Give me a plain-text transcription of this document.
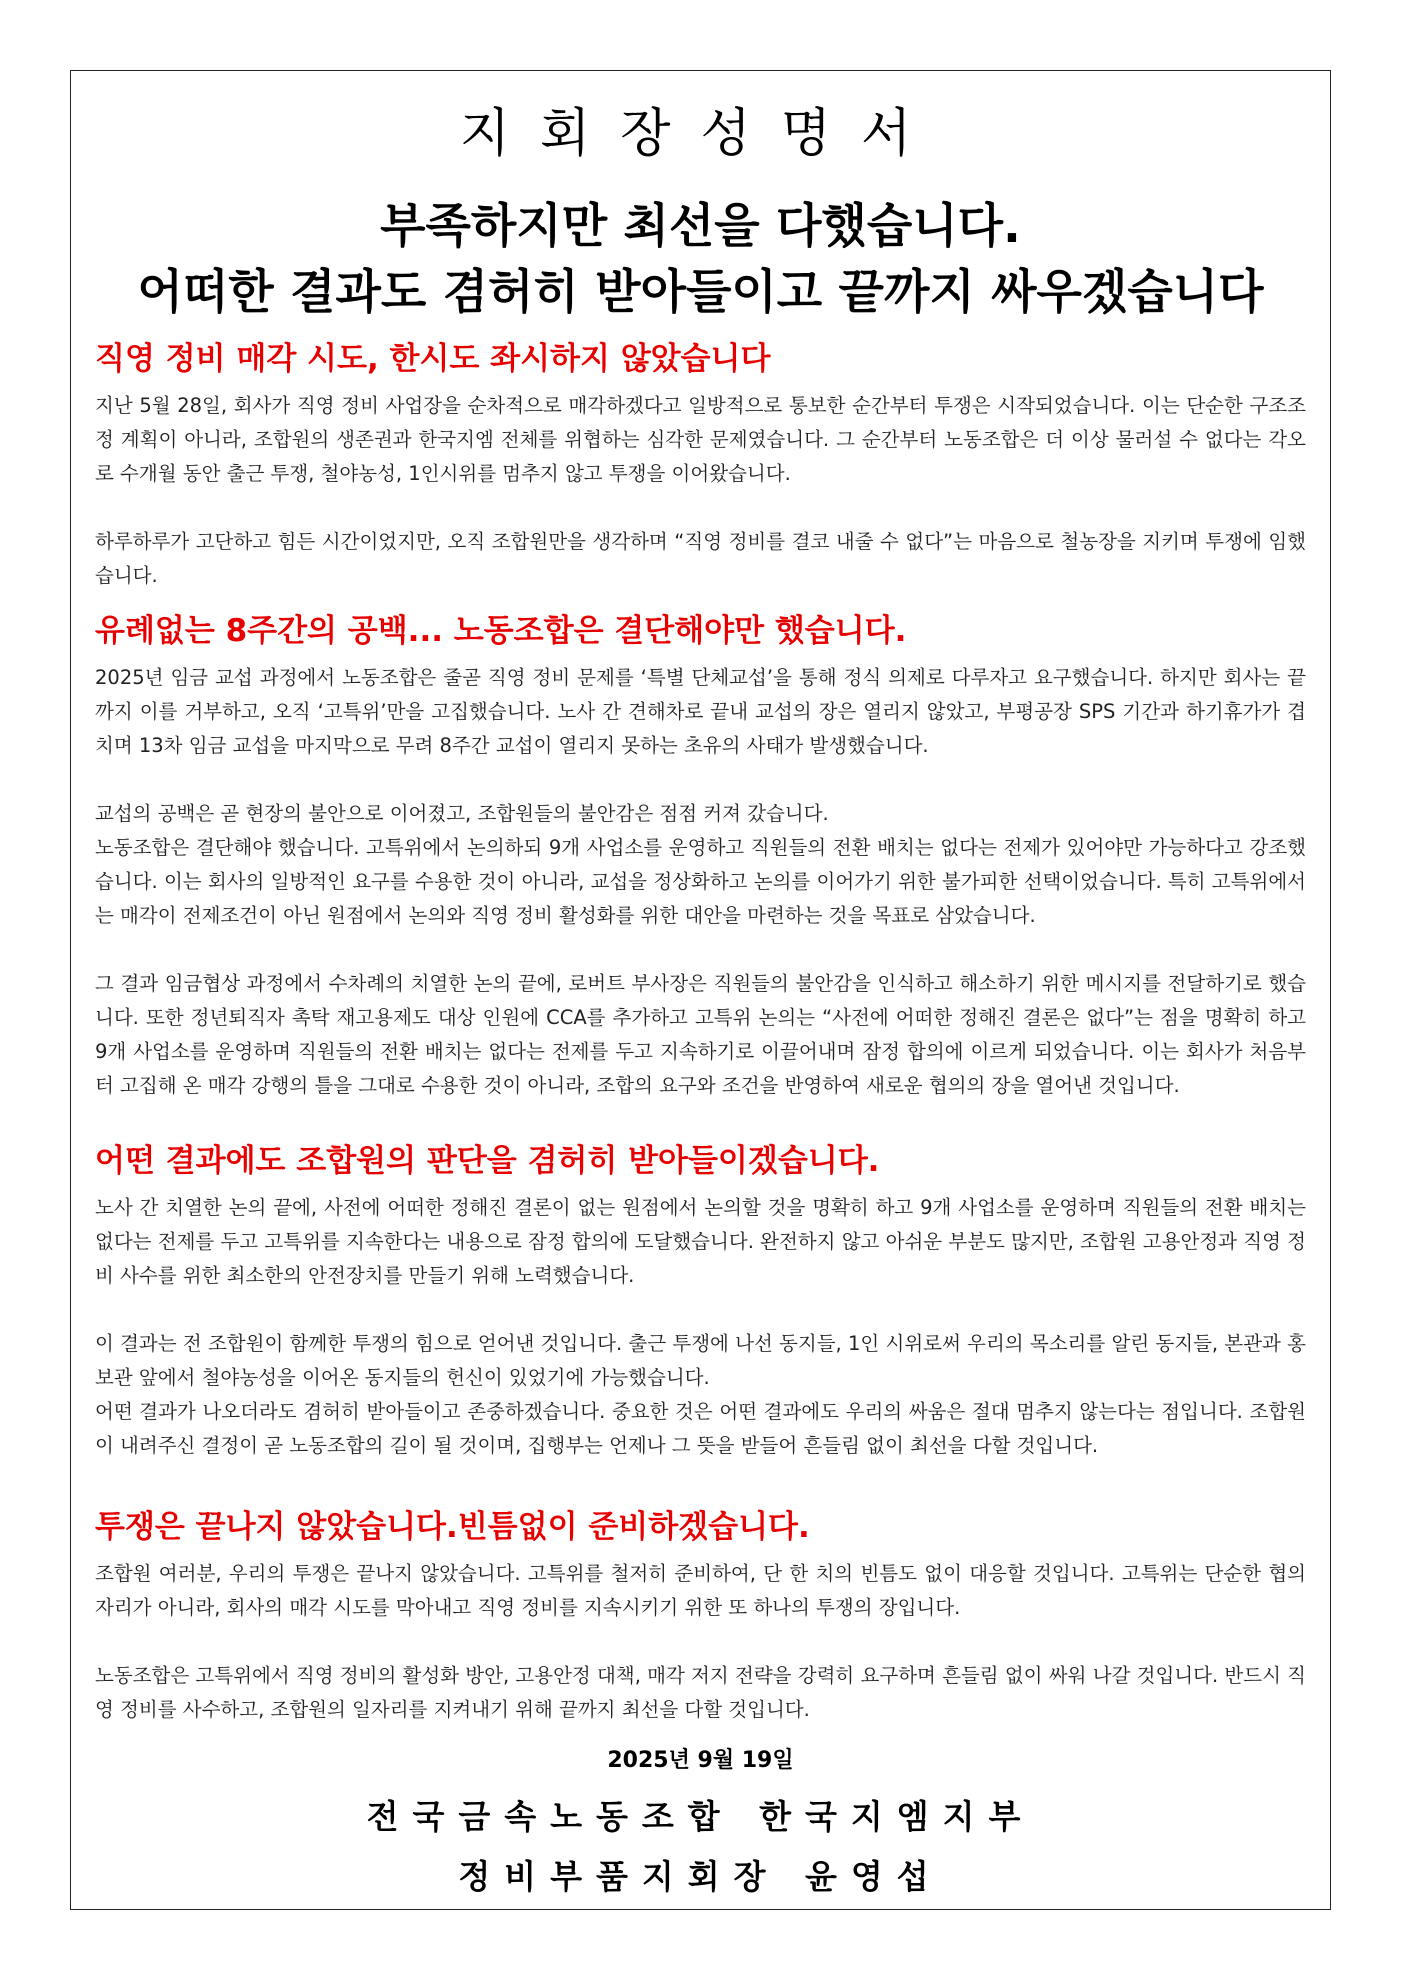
지회장성명서
부족하지만 최선을 다했습니다.
어떠한 결과도 겸허히 받아들이고 끝까지 싸우겠습니다
직영 정비 매각 시도, 한시도 좌시하지 않았습니다

지난 5월 28일, 회사가 직영 정비 사업장을 순차적으로 매각하겠다고 일방적으로 통보한 순간부터 투쟁은 시작되었습니다. 이는 단순한 구조조정 계획이 아니라, 조합원의 생존권과 한국지엠 전체를 위협하는 심각한 문제였습니다. 그 순간부터 노동조합은 더 이상 물러설 수 없다는 각오로 수개월 동안 출근 투쟁, 철야농성, 1인시위를 멈추지 않고 투쟁을 이어왔습니다.

하루하루가 고단하고 힘든 시간이었지만, 오직 조합원만을 생각하며 “직영 정비를 결코 내줄 수 없다”는 마음으로 철농장을 지키며 투쟁에 임했습니다.

유례없는 8주간의 공백... 노동조합은 결단해야만 했습니다.

2025년 임금 교섭 과정에서 노동조합은 줄곧 직영 정비 문제를 ‘특별 단체교섭’을 통해 정식 의제로 다루자고 요구했습니다. 하지만 회사는 끝까지 이를 거부하고, 오직 ‘고특위’만을 고집했습니다. 노사 간 견해차로 끝내 교섭의 장은 열리지 않았고, 부평공장 SPS 기간과 하기휴가가 겹치며 13차 임금 교섭을 마지막으로 무려 8주간 교섭이 열리지 못하는 초유의 사태가 발생했습니다.

교섭의 공백은 곧 현장의 불안으로 이어졌고, 조합원들의 불안감은 점점 커져 갔습니다.

노동조합은 결단해야 했습니다. 고특위에서 논의하되 9개 사업소를 운영하고 직원들의 전환 배치는 없다는 전제가 있어야만 가능하다고 강조했습니다. 이는 회사의 일방적인 요구를 수용한 것이 아니라, 교섭을 정상화하고 논의를 이어가기 위한 불가피한 선택이었습니다. 특히 고특위에서는 매각이 전제조건이 아닌 원점에서 논의와 직영 정비 활성화를 위한 대안을 마련하는 것을 목표로 삼았습니다.

그 결과 임금협상 과정에서 수차례의 치열한 논의 끝에, 로버트 부사장은 직원들의 불안감을 인식하고 해소하기 위한 메시지를 전달하기로 했습니다. 또한 정년퇴직자 촉탁 재고용제도 대상 인원에 CCA를 추가하고 고특위 논의는 “사전에 어떠한 정해진 결론은 없다”는 점을 명확히 하고 9개 사업소를 운영하며 직원들의 전환 배치는 없다는 전제를 두고 지속하기로 이끌어내며 잠정 합의에 이르게 되었습니다. 이는 회사가 처음부터 고집해 온 매각 강행의 틀을 그대로 수용한 것이 아니라, 조합의 요구와 조건을 반영하여 새로운 협의의 장을 열어낸 것입니다.

어떤 결과에도 조합원의 판단을 겸허히 받아들이겠습니다.

노사 간 치열한 논의 끝에, 사전에 어떠한 정해진 결론이 없는 원점에서 논의할 것을 명확히 하고 9개 사업소를 운영하며 직원들의 전환 배치는 없다는 전제를 두고 고특위를 지속한다는 내용으로 잠정 합의에 도달했습니다. 완전하지 않고 아쉬운 부분도 많지만, 조합원 고용안정과 직영 정비 사수를 위한 최소한의 안전장치를 만들기 위해 노력했습니다.

이 결과는 전 조합원이 함께한 투쟁의 힘으로 얻어낸 것입니다. 출근 투쟁에 나선 동지들, 1인 시위로써 우리의 목소리를 알린 동지들, 본관과 홍보관 앞에서 철야농성을 이어온 동지들의 헌신이 있었기에 가능했습니다.

어떤 결과가 나오더라도 겸허히 받아들이고 존중하겠습니다. 중요한 것은 어떤 결과에도 우리의 싸움은 절대 멈추지 않는다는 점입니다. 조합원이 내려주신 결정이 곧 노동조합의 길이 될 것이며, 집행부는 언제나 그 뜻을 받들어 흔들림 없이 최선을 다할 것입니다.

투쟁은 끝나지 않았습니다.빈틈없이 준비하겠습니다.

조합원 여러분, 우리의 투쟁은 끝나지 않았습니다. 고특위를 철저히 준비하여, 단 한 치의 빈틈도 없이 대응할 것입니다. 고특위는 단순한 협의 자리가 아니라, 회사의 매각 시도를 막아내고 직영 정비를 지속시키기 위한 또 하나의 투쟁의 장입니다.

노동조합은 고특위에서 직영 정비의 활성화 방안, 고용안정 대책, 매각 저지 전략을 강력히 요구하며 흔들림 없이 싸워 나갈 것입니다. 반드시 직영 정비를 사수하고, 조합원의 일자리를 지켜내기 위해 끝까지 최선을 다할 것입니다.

2025년 9월 19일
전국금속노동조합 한국지엠지부
정비부품지회장 윤영섭
